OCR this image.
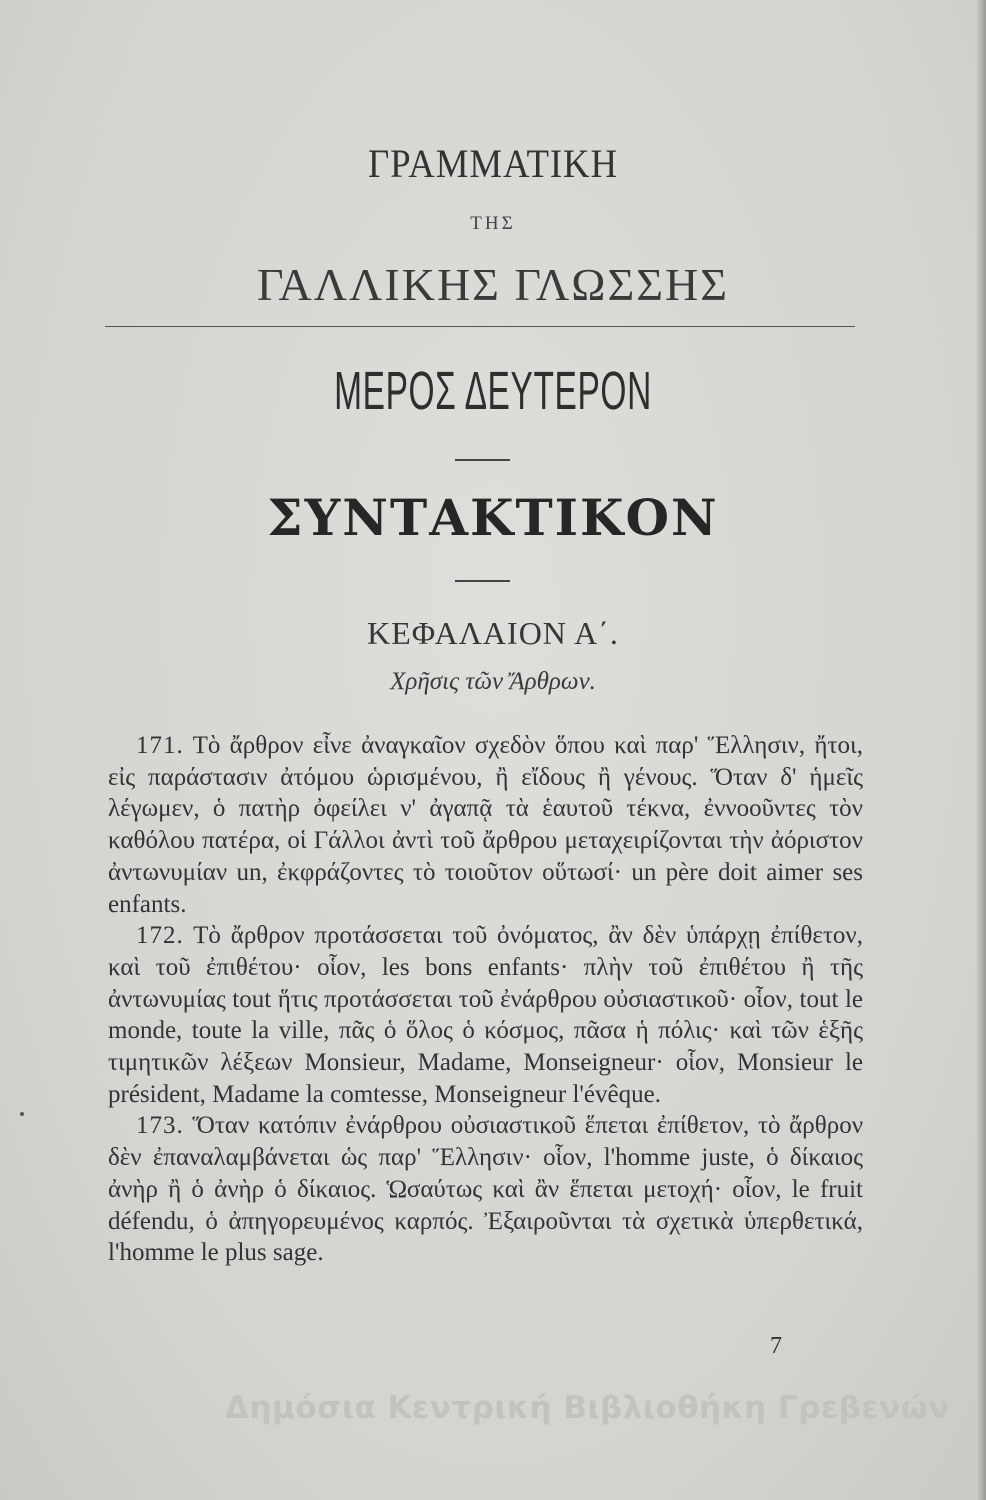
ΓΡΑΜΜΑΤΙΚΗ
ΤΗΣ
ΓΑΛΛΙΚΗΣ ΓΛΩΣΣΗΣ
ΜΕΡΟΣ ΔΕΥΤΕΡΟΝ
ΣΥΝΤΑΚΤΙΚΟΝ
ΚΕΦΑΛΑΙΟΝ Α΄.
Χρῆσις τῶν Ἄρθρων.

171. Τὸ ἄρθρον εἶνε ἀναγκαῖον σχεδὸν ὅπου καὶ παρ' Ἕλλησιν, ἤτοι, εἰς παράστασιν ἀτόμου ὡρισμένου, ἢ εἴδους ἢ γένους. Ὅταν δ' ἡμεῖς λέγωμεν, ὁ πατὴρ ὀφείλει ν' ἀγαπᾷ τὰ ἑαυτοῦ τέκνα, ἐννοοῦντες τὸν καθόλου πατέρα, οἱ Γάλλοι ἀντὶ τοῦ ἄρθρου μεταχειρίζονται τὴν ἀόριστον ἀντωνυμίαν un, ἐκφράζοντες τὸ τοιοῦτον οὕτωσί· un père doit aimer ses enfants.

172. Τὸ ἄρθρον προτάσσεται τοῦ ὀνόματος, ἂν δὲν ὑπάρχῃ ἐπίθετον, καὶ τοῦ ἐπιθέτου· οἷον, les bons enfants· πλὴν τοῦ ἐπιθέτου ἢ τῆς ἀντωνυμίας tout ἥτις προτάσσεται τοῦ ἐνάρθρου οὐσιαστικοῦ· οἷον, tout le monde, toute la ville, πᾶς ὁ ὅλος ὁ κόσμος, πᾶσα ἡ πόλις· καὶ τῶν ἑξῆς τιμητικῶν λέξεων Monsieur, Madame, Monseigneur· οἷον, Monsieur le président, Madame la comtesse, Monseigneur l'évêque.

173. Ὅταν κατόπιν ἐνάρθρου οὐσιαστικοῦ ἕπεται ἐπίθετον, τὸ ἄρθρον δὲν ἐπαναλαμβάνεται ὡς παρ' Ἕλλησιν· οἷον, l'homme juste, ὁ δίκαιος ἀνὴρ ἢ ὁ ἀνὴρ ὁ δίκαιος. Ὡσαύτως καὶ ἂν ἕπεται μετοχή· οἷον, le fruit défendu, ὁ ἀπηγορευμένος καρπός. Ἐξαιροῦνται τὰ σχετικὰ ὑπερθετικά, l'homme le plus sage.

7
Δημόσια Κεντρική Βιβλιοθήκη Γρεβενών
